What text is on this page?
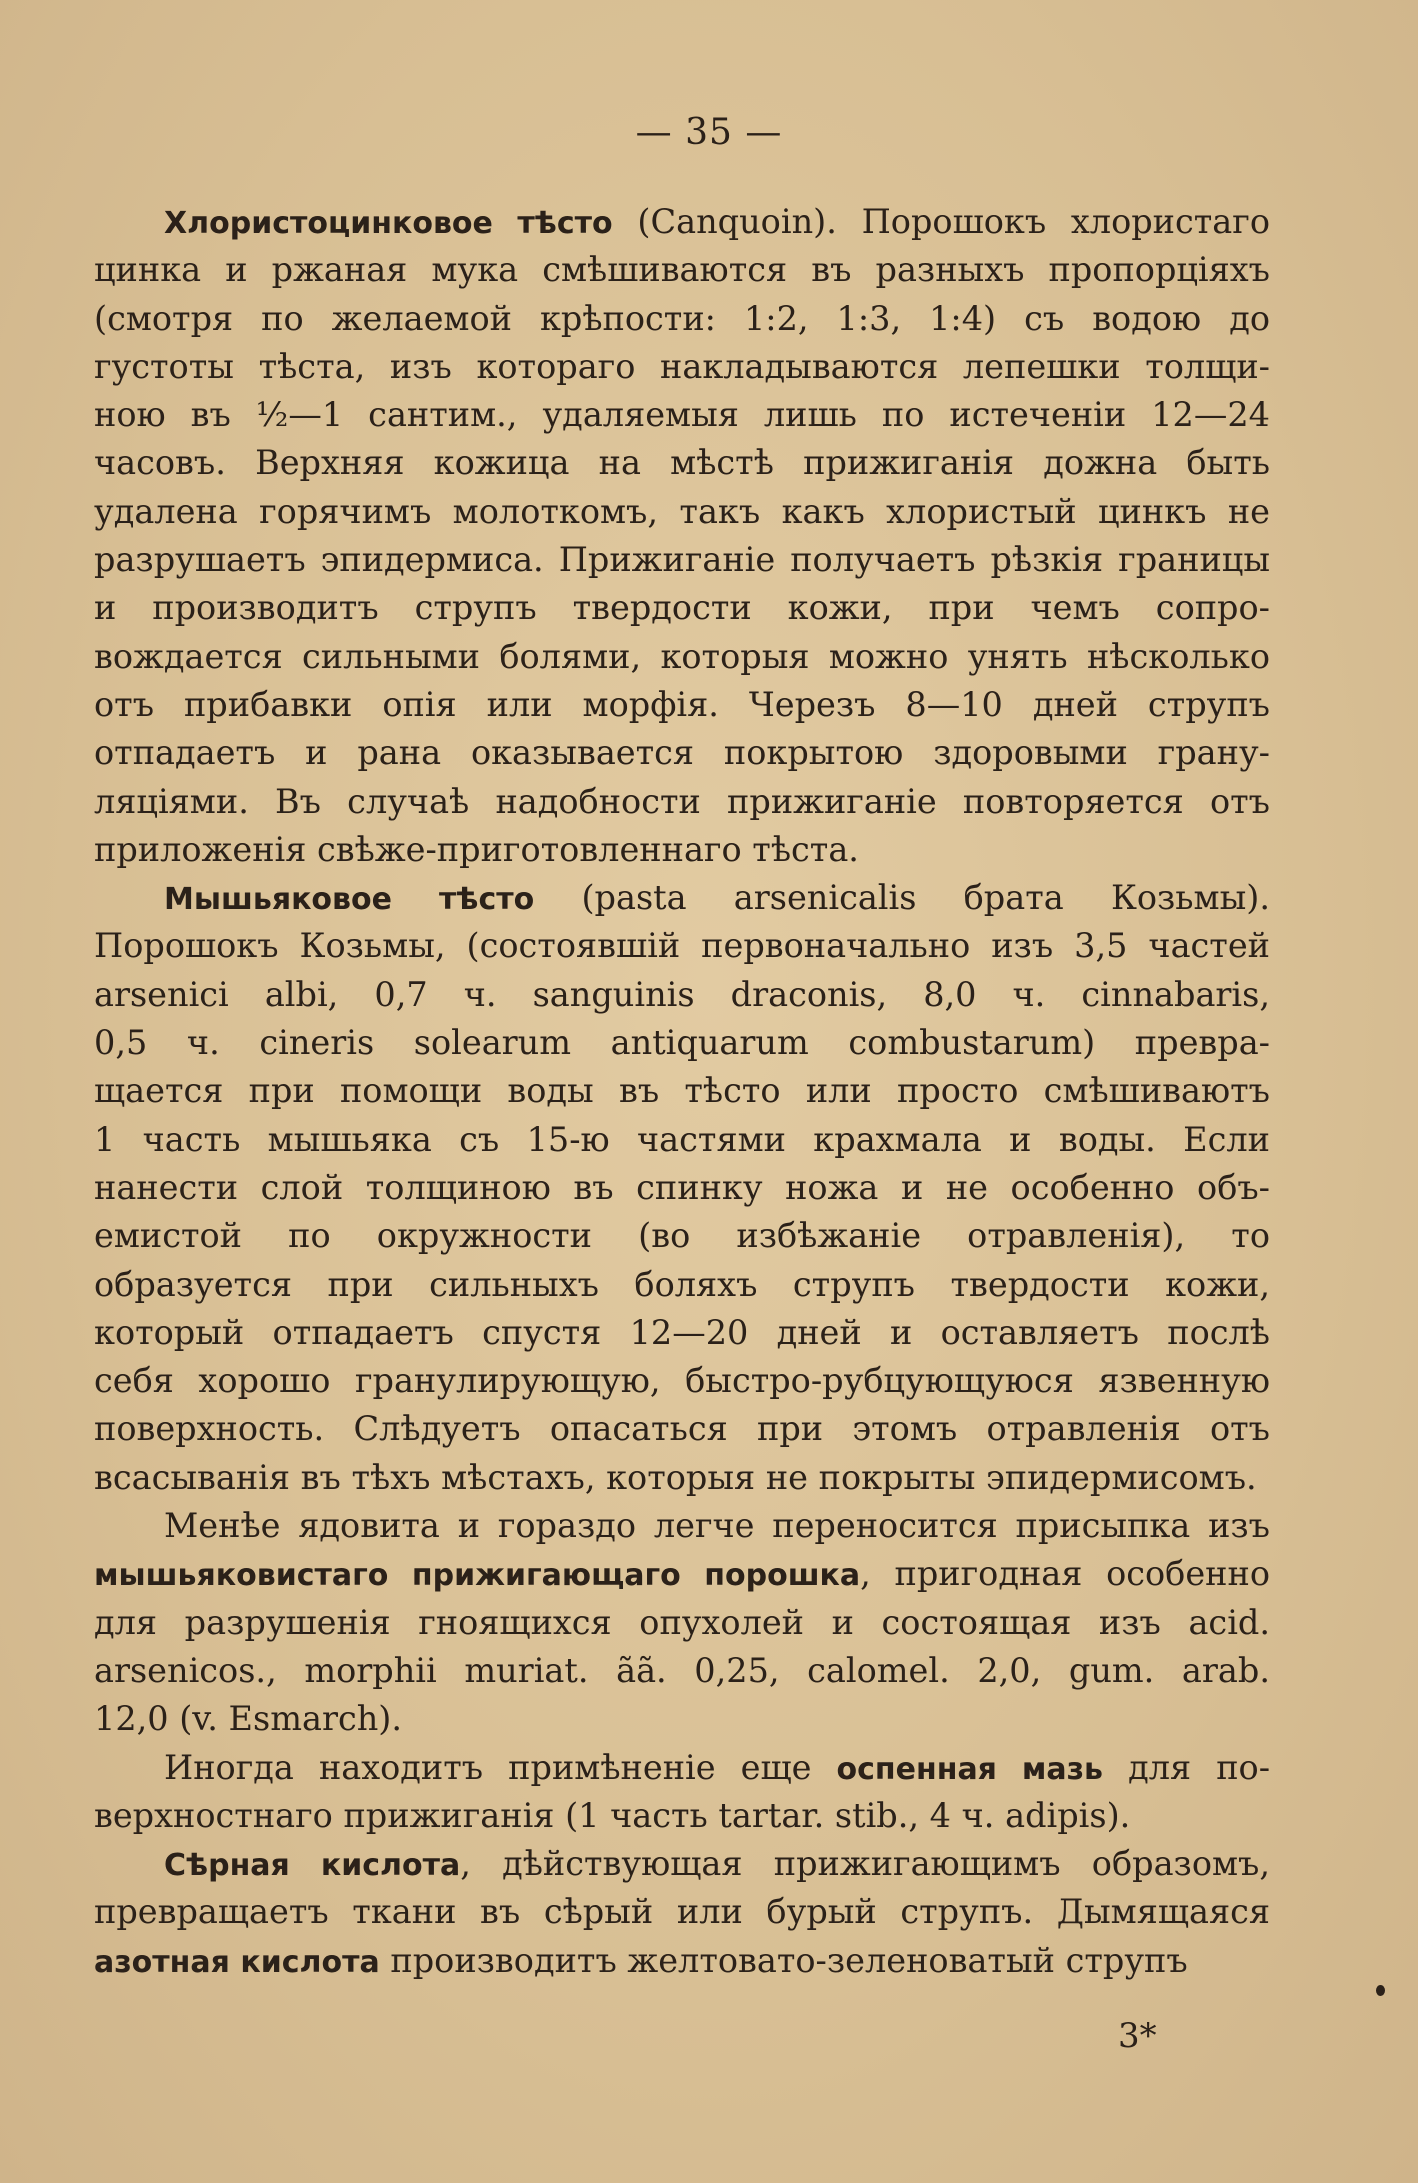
— 35 —
Хлористоцинковое тѣсто (Canquoin). Порошокъ хлористаго
цинка и ржаная мука смѣшиваются въ разныхъ пропорціяхъ
(смотря по желаемой крѣпости: 1:2, 1:3, 1:4) съ водою до
густоты тѣста, изъ котораго накладываются лепешки толщи-
ною въ ½—1 сантим., удаляемыя лишь по истеченіи 12—24
часовъ. Верхняя кожица на мѣстѣ прижиганія дожна быть
удалена горячимъ молоткомъ, такъ какъ хлористый цинкъ не
разрушаетъ эпидермиса. Прижиганіе получаетъ рѣзкія границы
и производитъ струпъ твердости кожи, при чемъ сопро-
вождается сильными болями, которыя можно унять нѣсколько
отъ прибавки опія или морфія. Черезъ 8—10 дней струпъ
отпадаетъ и рана оказывается покрытою здоровыми грану-
ляціями. Въ случаѣ надобности прижиганіе повторяется отъ
приложенія свѣже-приготовленнаго тѣста.
Мышьяковое тѣсто (pasta arsenicalis брата Козьмы).
Порошокъ Козьмы, (состоявшій первоначально изъ 3,5 частей
arsenici albi, 0,7 ч. sanguinis draconis, 8,0 ч. cinnabaris,
0,5 ч. cineris solearum antiquarum combustarum) превра-
щается при помощи воды въ тѣсто или просто смѣшиваютъ
1 часть мышьяка съ 15-ю частями крахмала и воды. Если
нанести слой толщиною въ спинку ножа и не особенно объ-
емистой по окружности (во избѣжаніе отравленія), то
образуется при сильныхъ боляхъ струпъ твердости кожи,
который отпадаетъ спустя 12—20 дней и оставляетъ послѣ
себя хорошо гранулирующую, быстро-рубцующуюся язвенную
поверхность. Слѣдуетъ опасаться при этомъ отравленія отъ
всасыванія въ тѣхъ мѣстахъ, которыя не покрыты эпидермисомъ.
Менѣе ядовита и гораздо легче переносится присыпка изъ
мышьяковистаго прижигающаго порошка, пригодная особенно
для разрушенія гноящихся опухолей и состоящая изъ acid.
arsenicos., morphii muriat. ãã. 0,25, calomel. 2,0, gum. arab.
12,0 (v. Esmarch).
Иногда находитъ примѣненіе еще оспенная мазь для по-
верхностнаго прижиганія (1 часть tartar. stib., 4 ч. adipis).
Сѣрная кислота, дѣйствующая прижигающимъ образомъ,
превращаетъ ткани въ сѣрый или бурый струпъ. Дымящаяся
азотная кислота производитъ желтовато-зеленоватый струпъ
3*
